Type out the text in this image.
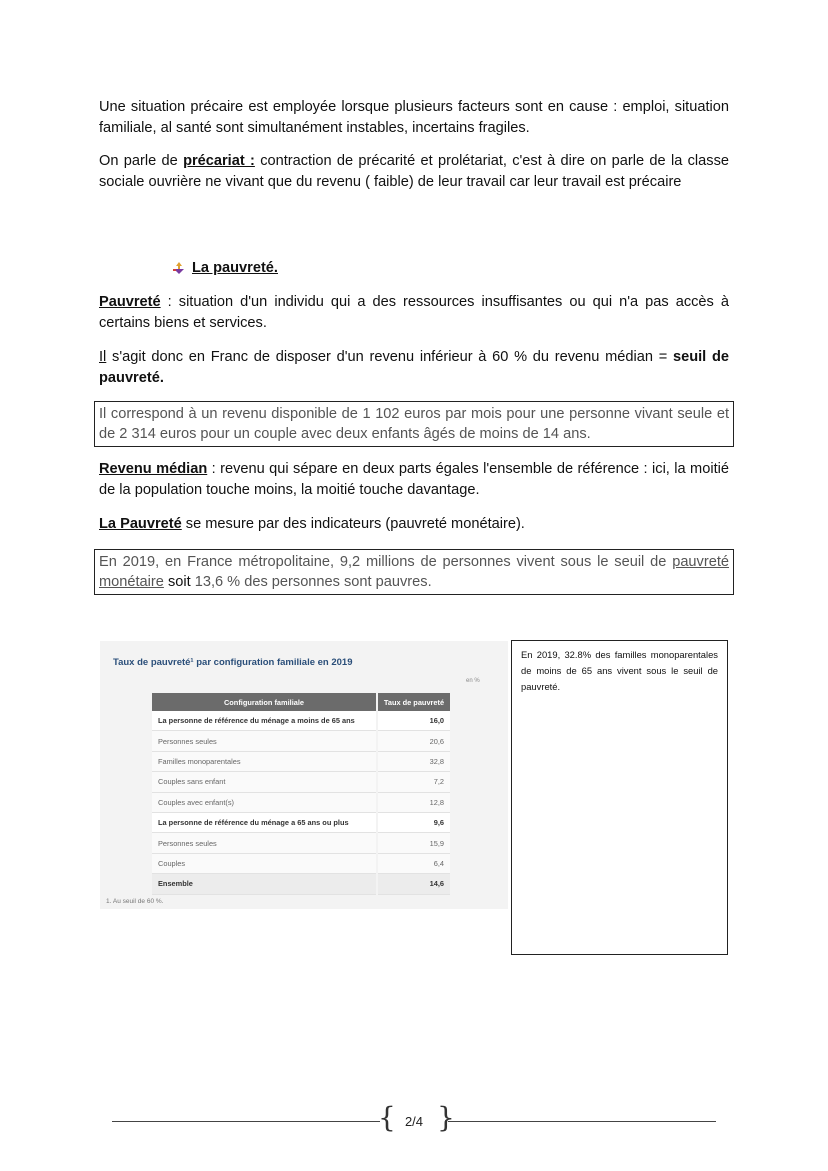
Une situation précaire est employée lorsque plusieurs facteurs sont en cause : emploi, situation familiale, al santé sont simultanément instables, incertains fragiles.
On parle de précariat : contraction de précarité et prolétariat, c'est à dire on parle de la classe sociale ouvrière ne vivant que du revenu ( faible) de leur travail car leur travail est précaire
La pauvreté.
Pauvreté : situation d'un individu qui a des ressources insuffisantes ou qui n'a pas accès à certains biens et services.
Il s'agit donc en Franc de disposer d'un revenu inférieur à 60 % du revenu médian = seuil de pauvreté.
Il correspond à un revenu disponible de 1 102 euros par mois pour une personne vivant seule et de 2 314 euros pour un couple avec deux enfants âgés de moins de 14 ans.
Revenu médian : revenu qui sépare en deux parts égales l'ensemble de référence : ici, la moitié de la population touche moins, la moitié touche davantage.
La Pauvreté se mesure par des indicateurs (pauvreté monétaire).
En 2019, en France métropolitaine, 9,2 millions de personnes vivent sous le seuil de pauvreté monétaire soit 13,6 % des personnes sont pauvres.
Taux de pauvreté¹ par configuration familiale en 2019
en %
Configuration familiale	Taux de pauvreté
La personne de référence du ménage a moins de 65 ans	16,0
Personnes seules	20,6
Familles monoparentales	32,8
Couples sans enfant	7,2
Couples avec enfant(s)	12,8
La personne de référence du ménage a 65 ans ou plus	9,6
Personnes seules	15,9
Couples	6,4
Ensemble	14,6
1. Au seuil de 60 %.
En 2019, 32.8% des familles monoparentales de moins de 65 ans vivent sous le seuil de pauvreté.
{ }
2/4
